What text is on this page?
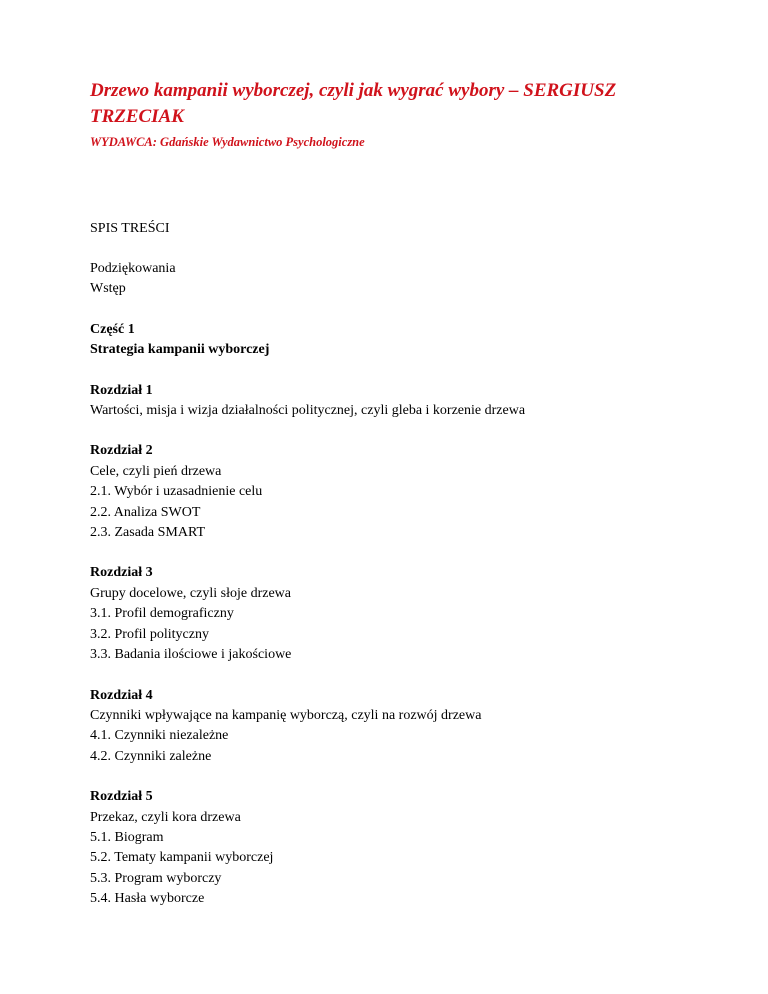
Drzewo kampanii wyborczej, czyli jak wygrać wybory – SERGIUSZ TRZECIAK

WYDAWCA: Gdańskie Wydawnictwo Psychologiczne

SPIS TREŚCI
Podziękowania
Wstęp
Część 1
Strategia kampanii wyborczej
Rozdział 1
Wartości, misja i wizja działalności politycznej, czyli gleba i korzenie drzewa
Rozdział 2
Cele, czyli pień drzewa
2.1. Wybór i uzasadnienie celu
2.2. Analiza SWOT
2.3. Zasada SMART
Rozdział 3
Grupy docelowe, czyli słoje drzewa
3.1. Profil demograficzny
3.2. Profil polityczny
3.3. Badania ilościowe i jakościowe
Rozdział 4
Czynniki wpływające na kampanię wyborczą, czyli na rozwój drzewa
4.1. Czynniki niezależne
4.2. Czynniki zależne
Rozdział 5
Przekaz, czyli kora drzewa
5.1. Biogram
5.2. Tematy kampanii wyborczej
5.3. Program wyborczy
5.4. Hasła wyborcze
